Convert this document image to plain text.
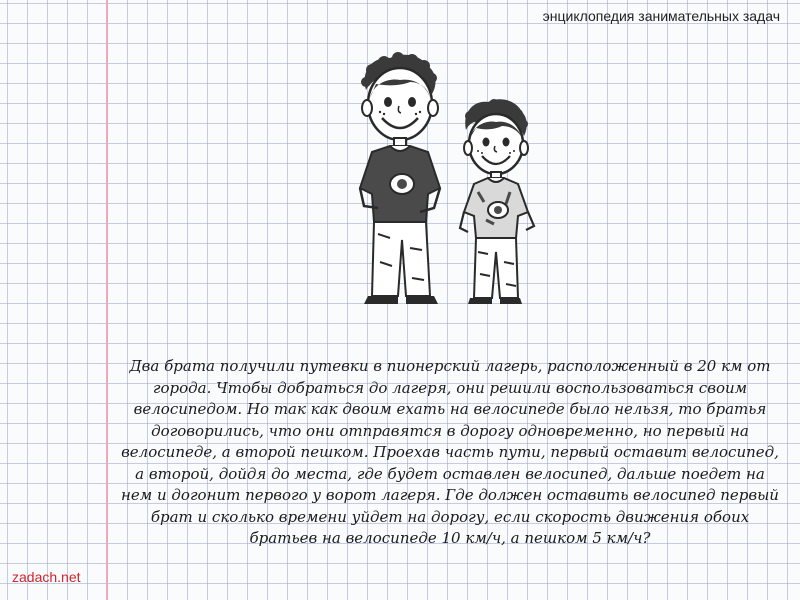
энциклопедия занимательных задач
Два брата получили путевки в пионерский лагерь, расположенный в 20 км от города. Чтобы добраться до лагеря, они решили воспользоваться своим велосипедом. Но так как двоим ехать на велосипеде было нельзя, то братья договорились, что они отправятся в дорогу одновременно, но первый на велосипеде, а второй пешком. Проехав часть пути, первый оставит велосипед, а второй, дойдя до места, где будет оставлен велосипед, дальше поедет на нем и догонит первого у ворот лагеря. Где должен оставить велосипед первый брат и сколько времени уйдет на дорогу, если скорость движения обоих братьев на велосипеде 10 км/ч, а пешком 5 км/ч?
zadach.net
